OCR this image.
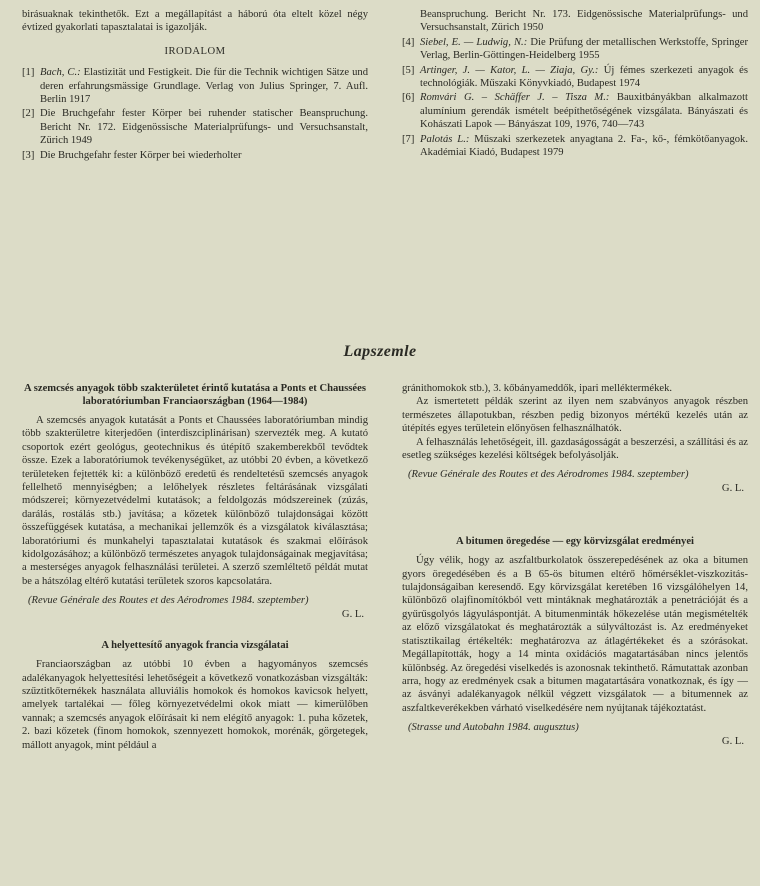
birásuaknak tekinthetők. Ezt a megállapítást a háború óta eltelt közel négy évtized gyakorlati tapasztalatai is igazolják.

IRODALOM

[1] Bach, C.: Elastizität und Festigkeit. Die für die Technik wichtigen Sätze und deren erfahrungsmässige Grundlage. Verlag von Julius Springer, 7. Aufl. Berlin 1917
[2] Die Bruchgefahr fester Körper bei ruhender statischer Beanspruchung. Bericht Nr. 172. Eidgenössische Materialprüfungs- und Versuchsanstalt, Zürich 1949
[3] Die Bruchgefahr fester Körper bei wiederholter
Beanspruchung. Bericht Nr. 173. Eidgenössische Materialprüfungs- und Versuchsanstalt, Zürich 1950
[4] Siebel, E. — Ludwig, N.: Die Prüfung der metallischen Werkstoffe, Springer Verlag, Berlin-Göttingen-Heidelberg 1955
[5] Artinger, J. — Kator, L. — Ziaja, Gy.: Új fémes szerkezeti anyagok és technológiák. Műszaki Könyvkiadó, Budapest 1974
[6] Romvári G. – Schäffer J. – Tisza M.: Bauxitbányákban alkalmazott alumínium gerendák ismételt beépíthetőségének vizsgálata. Bányászati és Kohászati Lapok — Bányászat 109, 1976, 740—743
[7] Palotás L.: Műszaki szerkezetek anyagtana 2. Fa-, kő-, fémkötőanyagok. Akadémiai Kiadó, Budapest 1979
Lapszemle

A szemcsés anyagok több szakterületet érintő kutatása a Ponts et Chaussées laboratóriumban Franciaországban (1964—1984)

A szemcsés anyagok kutatását a Ponts et Chaussées laboratóriumban mindig több szakterületre kiterjedően (interdiszciplinárisan) szervezték meg. A kutató csoportok ezért geológus, geotechnikus és útépítő szakemberekből tevődtek össze. Ezek a laboratóriumok tevékenységüket, az utóbbi 20 évben, a következő területeken fejtették ki: a különböző eredetű és rendeltetésű szemcsés anyagok fellelhető mennyiségben; a lelőhelyek részletes feltárásának vizsgálati módszerei; környezetvédelmi kutatások; a feldolgozás módszereinek (zúzás, darálás, rostálás stb.) javítása; a kőzetek különböző tulajdonságai között összefüggések kutatása, a mechanikai jellemzők és a vizsgálatok kiválasztása; laboratóriumi és munkahelyi tapasztalatai kutatások és szakmai előírások kidolgozásához; a különböző természetes anyagok tulajdonságainak megjavítása; a mesterséges anyagok felhasználási területei. A szerző szemléltető példát mutat be a hátszólag eltérő kutatási területek szoros kapcsolatára.

(Revue Générale des Routes et des Aérodromes 1984. szeptember)

G. L.

A helyettesítő anyagok francia vizsgálatai

Franciaországban az utóbbi 10 évben a hagyományos szemcsés adalékanyagok helyettesítési lehetőségeit a következő vonatkozásban vizsgálták: szűztitkőternékek használata alluviális homokok és homokos kavicsok helyett, amelyek tartalékai — főleg környezetvédelmi okok miatt — kimerülőben vannak; a szemcsés anyagok előírásait ki nem elégítő anyagok: 1. puha kőzetek, 2. bazi kőzetek (finom homokok, szennyezett homokok, morénák, görgetegek, mállott anyagok, mint például a

gránithomokok stb.), 3. kőbányameddők, ipari melléktermékek.

Az ismertetett példák szerint az ilyen nem szabványos anyagok részben természetes állapotukban, részben pedig bizonyos mértékű kezelés után az útépítés egyes területein előnyösen felhasználhatók.

A felhasználás lehetőségeit, ill. gazdaságosságát a beszerzési, a szállítási és az esetleg szükséges kezelési költségek befolyásolják.

(Revue Générale des Routes et des Aérodromes 1984. szeptember)

G. L.

A bitumen öregedése — egy körvizsgálat eredményei

Úgy vélik, hogy az aszfaltburkolatok összerepedésének az oka a bitumen gyors öregedésében és a B 65-ös bitumen eltérő hőmérséklet-viszkozitás-tulajdonságaiban keresendő. Egy körvizsgálat keretében 16 vizsgálóhelyen 14, különböző olajfinomítókból vett mintáknak meghatározták a penetrációját és a gyűrűsgolyós lágyuláspontját. A bitumenminták hőkezelése után megismételték az előző vizsgálatokat és meghatározták a súlyváltozást is. Az eredményeket statisztikailag értékelték: meghatározva az átlagértékeket és a szórásokat. Megállapították, hogy a 14 minta oxidációs magatartásában nincs jelentős különbség. Az öregedési viselkedés is azonosnak tekinthető. Rámutattak azonban arra, hogy az eredmények csak a bitumen magatartására vonatkoznak, és így — az ásványi adalékanyagok nélkül végzett vizsgálatok — a bitumennek az aszfaltkeverékekben várható viselkedésére nem nyújtanak tájékoztatást.

(Strasse und Autobahn 1984. augusztus)

G. L.
